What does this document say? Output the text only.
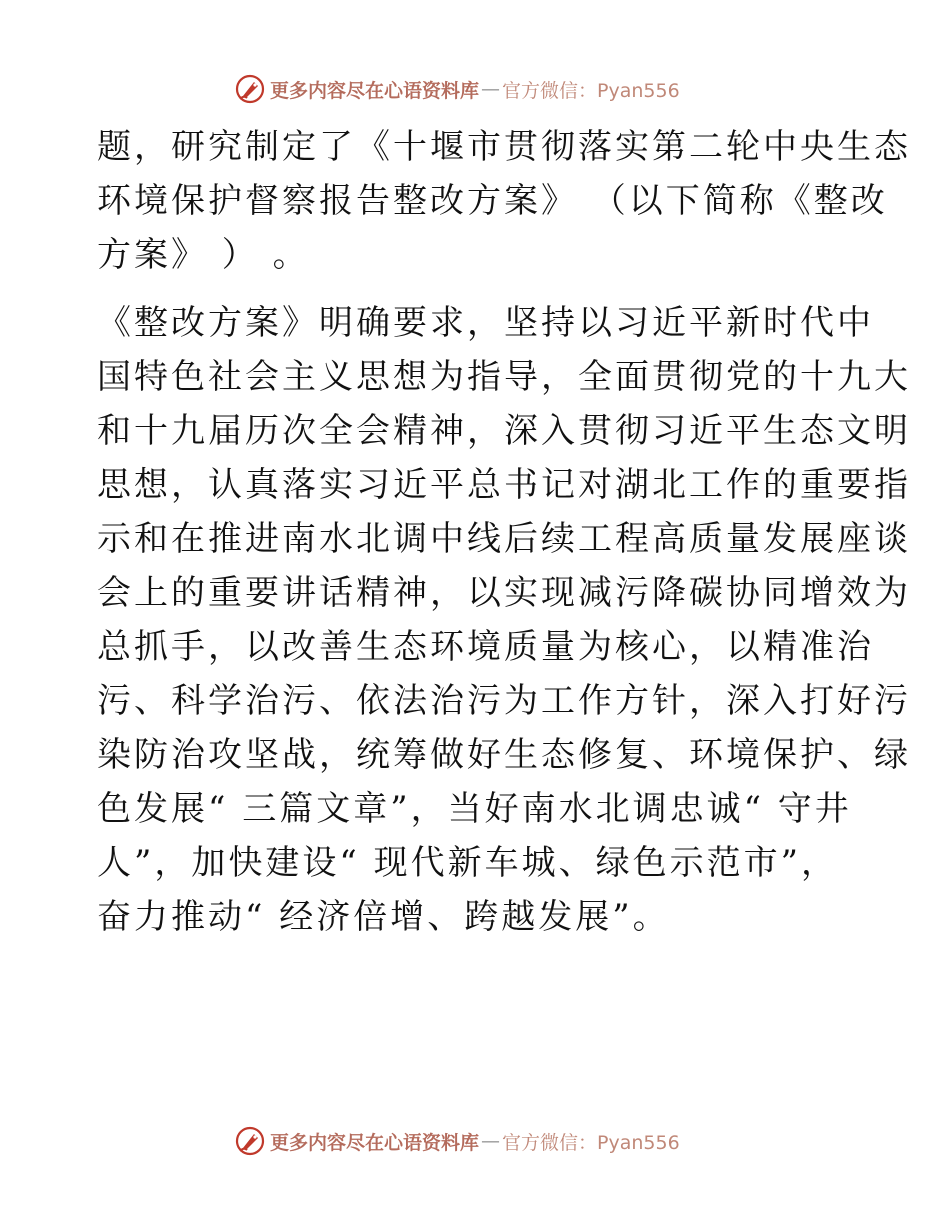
更多内容尽在心语资料库 — 官方微信：Pyan556
题，研究制定了《十堰市贯彻落实第二轮中央生态
环境保护督察报告整改方案》 （以下简称《整改
方案》 ） 。
《整改方案》明确要求，坚持以习近平新时代中
国特色社会主义思想为指导，全面贯彻党的十九大
和十九届历次全会精神，深入贯彻习近平生态文明
思想，认真落实习近平总书记对湖北工作的重要指
示和在推进南水北调中线后续工程高质量发展座谈
会上的重要讲话精神，以实现减污降碳协同增效为
总抓手，以改善生态环境质量为核心，以精准治
污、科学治污、依法治污为工作方针，深入打好污
染防治攻坚战，统筹做好生态修复、环境保护、绿
色发展“ 三篇文章”，当好南水北调忠诚“ 守井
人”，加快建设“ 现代新车城、绿色示范市”，
奋力推动“ 经济倍增、跨越发展”。
更多内容尽在心语资料库 — 官方微信：Pyan556
